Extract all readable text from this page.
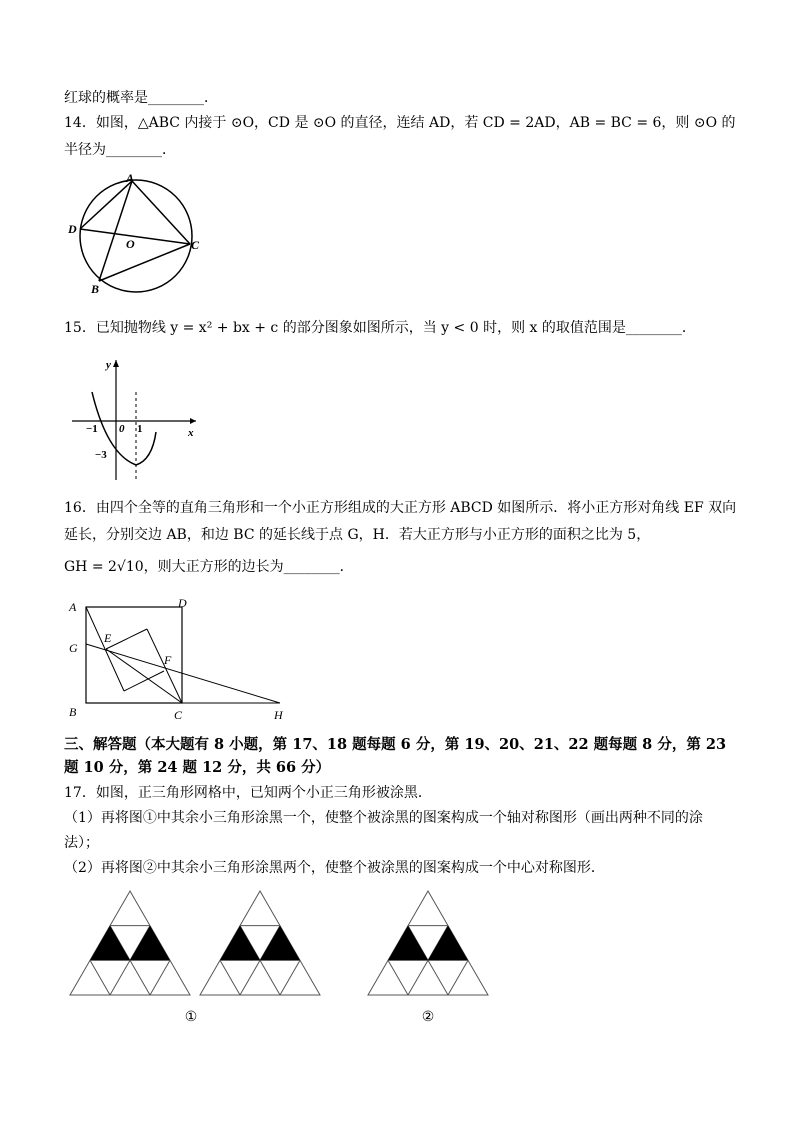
红球的概率是________．
14．如图，△ABC 内接于 ⊙O，CD 是 ⊙O 的直径，连结 AD，若 CD = 2AD，AB = BC = 6，则 ⊙O 的
半径为________．
A
D
O	C
B
15．已知抛物线 y = x² + bx + c 的部分图象如图所示，当 y < 0 时，则 x 的取值范围是________．
y
x
−1 0 1
−3
16．由四个全等的直角三角形和一个小正方形组成的大正方形 ABCD 如图所示．将小正方形对角线 EF 双向
延长，分别交边 AB，和边 BC 的延长线于点 G，H．若大正方形与小正方形的面积之比为 5，
GH = 2√10，则大正方形的边长为________．
A	D
E
G
F
B	C	H
三、解答题（本大题有 8 小题，第 17、18 题每题 6 分，第 19、20、21、22 题每题 8 分，第 23
题 10 分，第 24 题 12 分，共 66 分）
17．如图，正三角形网格中，已知两个小正三角形被涂黑．
（1）再将图①中其余小三角形涂黑一个，使整个被涂黑的图案构成一个轴对称图形（画出两种不同的涂
法）；
（2）再将图②中其余小三角形涂黑两个，使整个被涂黑的图案构成一个中心对称图形．
①	②
